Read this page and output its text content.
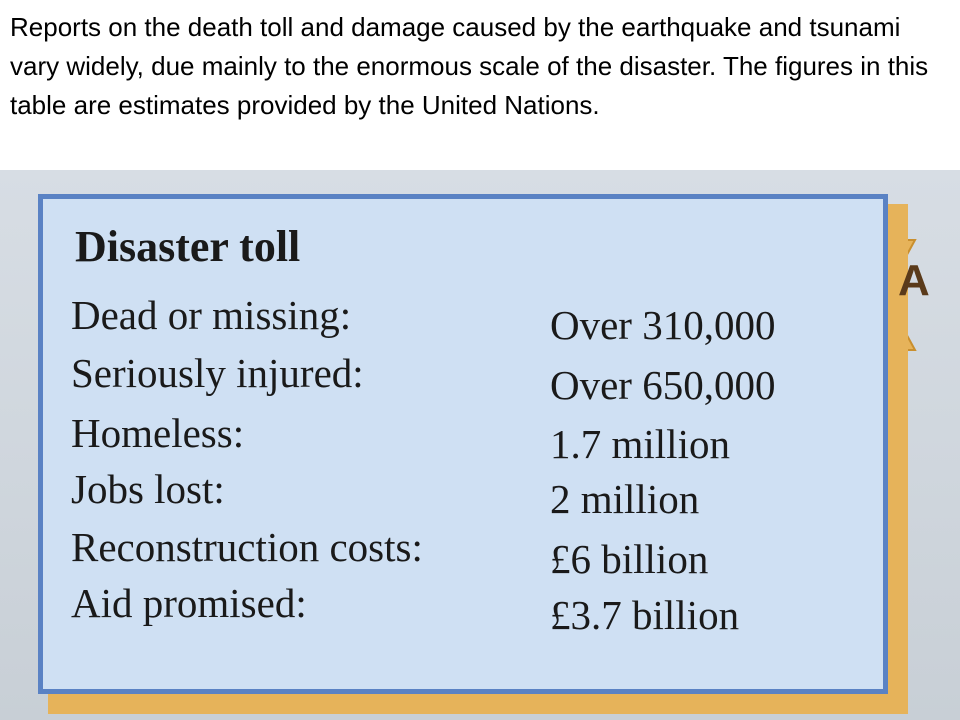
Reports on the death toll and damage caused by the earthquake and tsunami vary widely, due mainly to the enormous scale of the disaster. The figures in this table are estimates provided by the United Nations.
Disaster toll
Dead or missing:	Over 310,000
Seriously injured:	Over 650,000
Homeless:	1.7 million
Jobs lost:	2 million
Reconstruction costs:	£6 billion
Aid promised:	£3.7 billion
A
